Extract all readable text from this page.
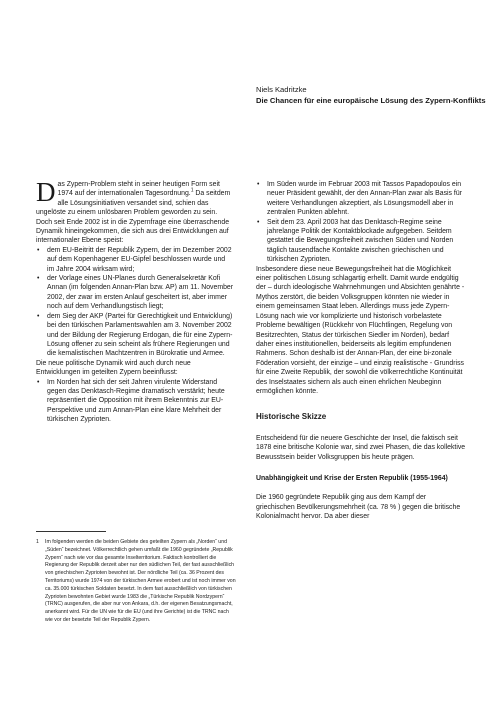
Niels Kadritzke

Die Chancen für eine europäische Lösung des Zypern-Konflikts

Das Zypern-Problem steht in seiner heutigen Form seit 1974 auf der internationalen Tagesordnung.$^1$ Da seitdem alle Lösungsinitiativen versandet sind, schien das ungelöste zu einem unlösbaren Problem geworden zu sein. Doch seit Ende 2002 ist in die Zypernfrage eine überraschende Dynamik hineingekommen, die sich aus drei Entwicklungen auf internationaler Ebene speist:

• dem EU-Beitritt der Republik Zypern, der im Dezember 2002 auf dem Kopenhagener EU-Gipfel beschlossen wurde und im Jahre 2004 wirksam wird;
• der Vorlage eines UN-Planes durch Generalsekretär Kofi Annan (im folgenden Annan-Plan bzw. AP) am 11. November 2002, der zwar im ersten Anlauf gescheitert ist, aber immer noch auf dem Verhandlungstisch liegt;
• dem Sieg der AKP (Partei für Gerechtigkeit und Entwicklung) bei den türkischen Parlamentswahlen am 3. November 2002 und der Bildung der Regierung Erdogan, die für eine Zypern-Lösung offener zu sein scheint als frühere Regierungen und die kemalistischen Machtzentren in Bürokratie und Armee.

Die neue politische Dynamik wird auch durch neue Entwicklungen im geteilten Zypern beeinflusst:

• Im Norden hat sich der seit Jahren virulente Widerstand gegen das Denktasch-Regime dramatisch verstärkt; heute repräsentiert die Opposition mit ihrem Bekenntnis zur EU-Perspektive und zum Annan-Plan eine klare Mehrheit der türkischen Zyprioten.
1 Im folgenden werden die beiden Gebiete des geteilten Zypern als „Norden“ und „Süden“ bezeichnet. Völkerrechtlich gehen umfaßt die 1960 gegründete „Republik Zypern“ nach wie vor das gesamte Inselterritorium. Faktisch kontrolliert die Regierung der Republik derzeit aber nur den südlichen Teil, der fast ausschließlich von griechischen Zyprioten bewohnt ist. Der nördliche Teil (ca. 36 Prozent des Territoriums) wurde 1974 von der türkischen Armee erobert und ist noch immer von ca. 35.000 türkischen Soldaten besetzt. In dem fast ausschließlich von türkischen Zyprioten bewohnten Gebiet wurde 1983 die „Türkische Republik Nordzypern“ (TRNC) ausgerufen, die aber nur von Ankara, d.h. der eigenen Besatzungsmacht, anerkannt wird. Für die UN wie für die EU (und ihre Gerichte) ist die TRNC nach wie vor der besetzte Teil der Republik Zypern.
• Im Süden wurde im Februar 2003 mit Tassos Papadopoulos ein neuer Präsident gewählt, der den Annan-Plan zwar als Basis für weitere Verhandlungen akzeptiert, als Lösungsmodell aber in zentralen Punkten ablehnt.
• Seit dem 23. April 2003 hat das Denktasch-Regime seine jahrelange Politik der Kontaktblockade aufgegeben. Seitdem gestattet die Bewegungsfreiheit zwischen Süden und Norden täglich tausendfache Kontakte zwischen griechischen und türkischen Zyprioten.

Insbesondere diese neue Bewegungsfreiheit hat die Möglichkeit einer politischen Lösung schlagartig erhellt. Damit wurde endgültig der – durch ideologische Wahrnehmungen und Absichten genährte - Mythos zerstört, die beiden Volksgruppen könnten nie wieder in einem gemeinsamen Staat leben. Allerdings muss jede Zypern-Lösung nach wie vor komplizierte und historisch vorbelastete Probleme bewältigen (Rückkehr von Flüchtlingen, Regelung von Besitzrechten, Status der türkischen Siedler im Norden), bedarf daher eines institutionellen, beiderseits als legitim empfundenen Rahmens. Schon deshalb ist der Annan-Plan, der eine bi-zonale Föderation vorsieht, der einzige – und einzig realistische - Grundriss für eine Zweite Republik, der sowohl die völkerrechtliche Kontinuität des Inselstaates sichern als auch einen ehrlichen Neubeginn ermöglichen könnte.

Historische Skizze

Entscheidend für die neuere Geschichte der Insel, die faktisch seit 1878 eine britische Kolonie war, sind zwei Phasen, die das kollektive Bewusstsein beider Volksgruppen bis heute prägen.

Unabhängigkeit und Krise der Ersten Republik (1955-1964)

Die 1960 gegründete Republik ging aus dem Kampf der griechischen Bevölkerungsmehrheit (ca. 78 % ) gegen die britische Kolonialmacht hervor. Da aber dieser
